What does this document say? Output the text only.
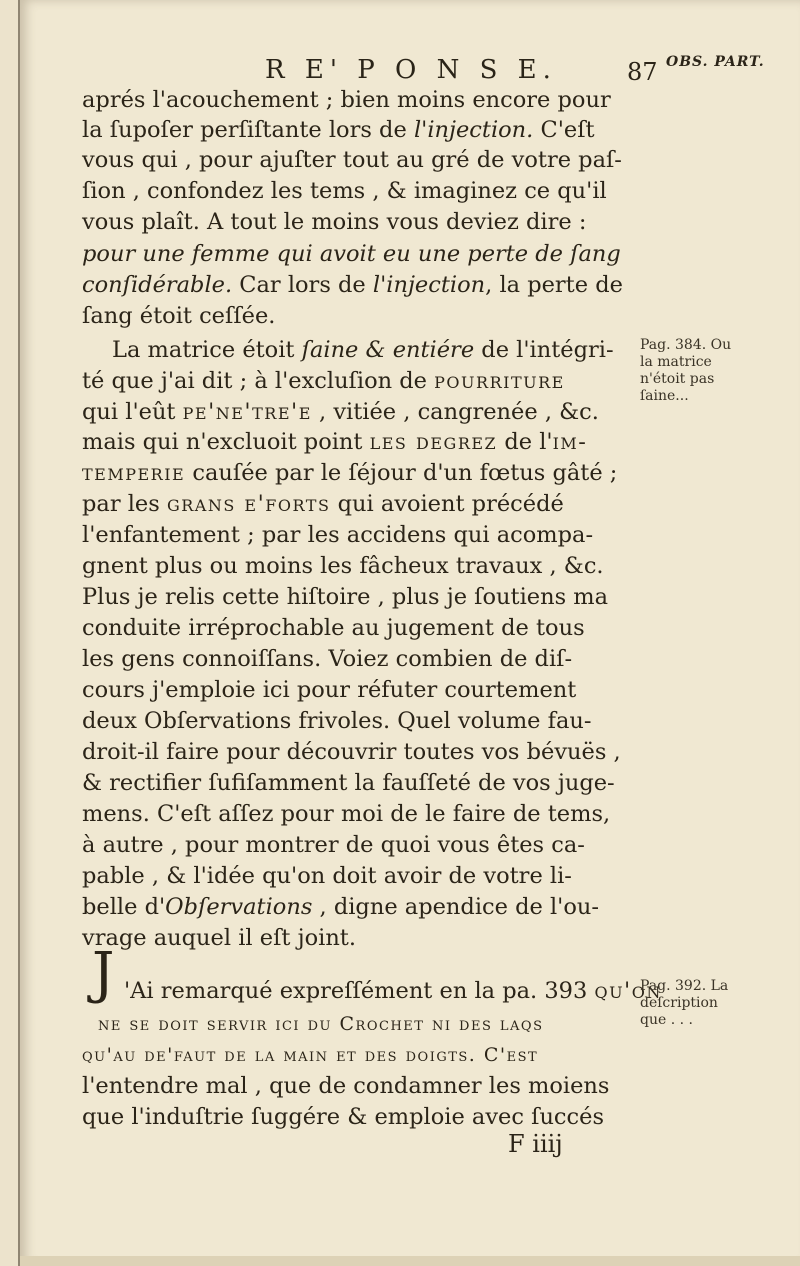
R E' P O N S E.	87 OBS. PART.
aprés l'acouchement ; bien moins encore pour
la ſupoſer perſiſtante lors de l'injection. C'eſt
vous qui , pour ajuſter tout au gré de votre paſ-
ſion , confondez les tems , & imaginez ce qu'il
vous plaît. A tout le moins vous deviez dire :
pour une femme qui avoit eu une perte de ſang
conſidérable. Car lors de l'injection, la perte de
ſang étoit ceſſée.
La matrice étoit ſaine & entiére de l'intégri-
té que j'ai dit ; à l'excluſion de pourriture
qui l'eût pe'ne'tre'e , vitiée , cangrenée , &c.
mais qui n'excluoit point les degrez de l'im-
temperie cauſée par le ſéjour d'un fœtus gâté ;
par les grans e'forts qui avoient précédé
l'enfantement ; par les accidens qui acompa-
gnent plus ou moins les fâcheux travaux , &c.
Plus je relis cette hiſtoire , plus je ſoutiens ma
conduite irréprochable au jugement de tous
les gens connoiſſans. Voiez combien de diſ-
cours j'emploie ici pour réfuter courtement
deux Obſervations frivoles. Quel volume fau-
droit-il faire pour découvrir toutes vos bévuës ,
& rectifier ſufiſamment la fauſſeté de vos juge-
mens. C'eſt aſſez pour moi de le faire de tems,
à autre , pour montrer de quoi vous êtes ca-
pable , & l'idée qu'on doit avoir de votre li-
belle d'Obſervations , digne apendice de l'ou-
vrage auquel il eſt joint.
J 'Ai remarqué expreſſément en la pa. 393 qu'on
ne se doit servir ici du Crochet ni des laqs
qu'au de'faut de la main et des doigts. C'eſt
l'entendre mal , que de condamner les moiens
que l'induſtrie ſuggére & emploie avec ſuccés
F iiij
Pag. 384. Ou
la matrice
n'étoit pas
ſaine...
Pag. 392. La
deſcription
que . . .
